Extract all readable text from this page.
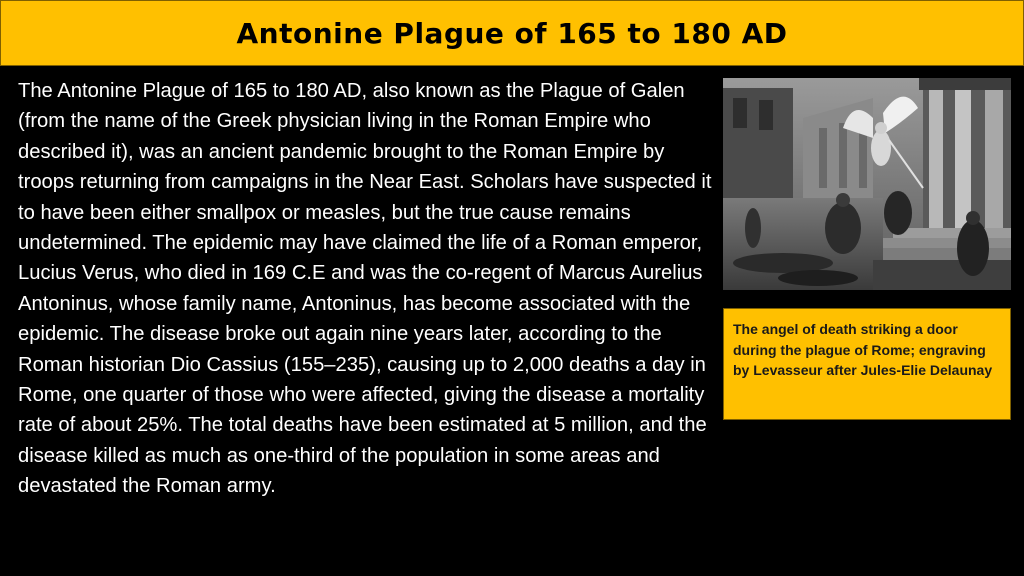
Antonine Plague of 165 to 180 AD

The Antonine Plague of 165 to 180 AD, also known as the Plague of Galen (from the name of the Greek physician living in the Roman Empire who described it), was an ancient pandemic brought to the Roman Empire by troops returning from campaigns in the Near East. Scholars have suspected it to have been either smallpox or measles, but the true cause remains undetermined. The epidemic may have claimed the life of a Roman emperor, Lucius Verus, who died in 169 C.E and was the co-regent of Marcus Aurelius Antoninus, whose family name, Antoninus, has become associated with the epidemic. The disease broke out again nine years later, according to the Roman historian Dio Cassius (155–235), causing up to 2,000 deaths a day in Rome, one quarter of those who were affected, giving the disease a mortality rate of about 25%. The total deaths have been estimated at 5 million, and the disease killed as much as one-third of the population in some areas and devastated the Roman army.

The angel of death striking a door during the plague of Rome; engraving by Levasseur after Jules-Elie Delaunay
